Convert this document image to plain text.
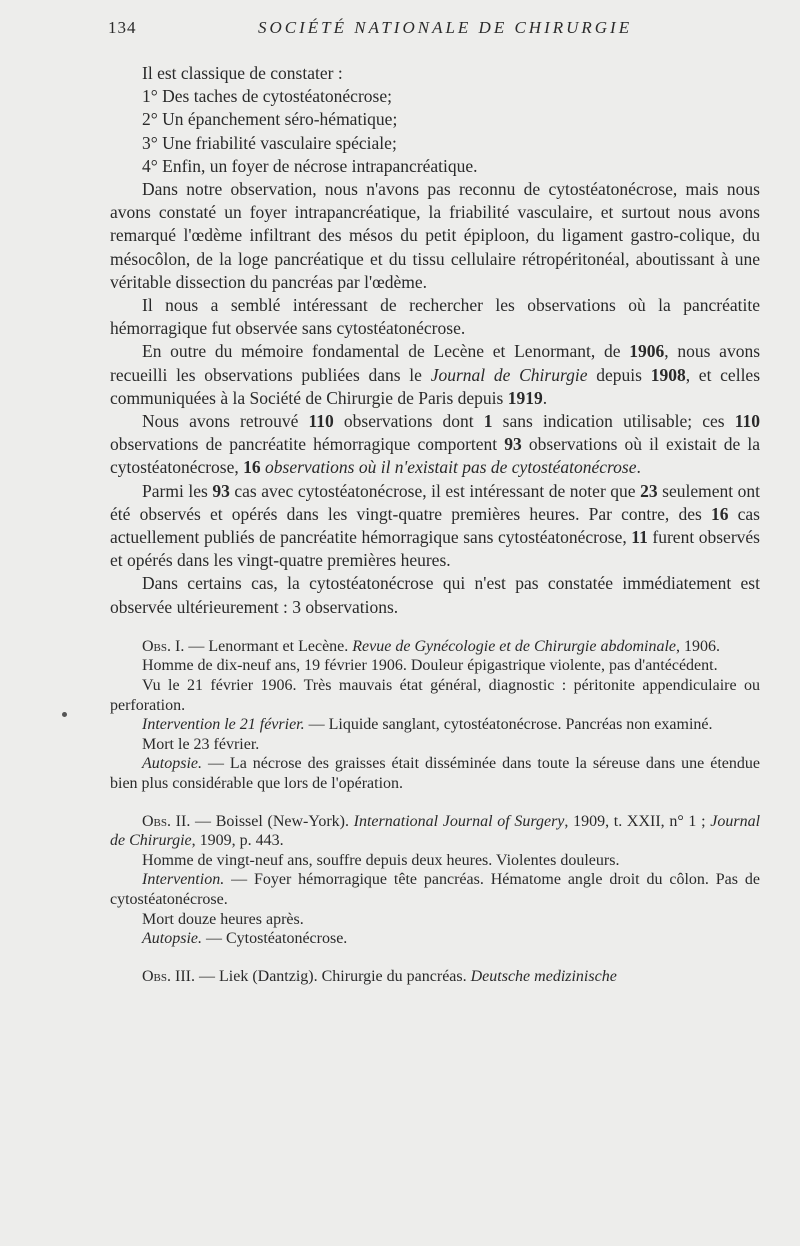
134	SOCIÉTÉ NATIONALE DE CHIRURGIE

Il est classique de constater :

1° Des taches de cytostéatonécrose;

2° Un épanchement séro-hématique;

3° Une friabilité vasculaire spéciale;

4° Enfin, un foyer de nécrose intrapancréatique.

Dans notre observation, nous n'avons pas reconnu de cytostéatonécrose, mais nous avons constaté un foyer intrapancréatique, la friabilité vasculaire, et surtout nous avons remarqué l'œdème infiltrant des mésos du petit épiploon, du ligament gastro-colique, du mésocôlon, de la loge pancréatique et du tissu cellulaire rétropéritonéal, aboutissant à une véritable dissection du pancréas par l'œdème.

Il nous a semblé intéressant de rechercher les observations où la pancréatite hémorragique fut observée sans cytostéatonécrose.

En outre du mémoire fondamental de Lecène et Lenormant, de 1906, nous avons recueilli les observations publiées dans le Journal de Chirurgie depuis 1908, et celles communiquées à la Société de Chirurgie de Paris depuis 1919.

Nous avons retrouvé 110 observations dont 1 sans indication utilisable; ces 110 observations de pancréatite hémorragique comportent 93 observations où il existait de la cytostéatonécrose, 16 observations où il n'existait pas de cytostéatonécrose.

Parmi les 93 cas avec cytostéatonécrose, il est intéressant de noter que 23 seulement ont été observés et opérés dans les vingt-quatre premières heures. Par contre, des 16 cas actuellement publiés de pancréatite hémorragique sans cytostéatonécrose, 11 furent observés et opérés dans les vingt-quatre premières heures.

Dans certains cas, la cytostéatonécrose qui n'est pas constatée immédiatement est observée ultérieurement : 3 observations.

Obs. I. — Lenormant et Lecène. Revue de Gynécologie et de Chirurgie abdominale, 1906.

Homme de dix-neuf ans, 19 février 1906. Douleur épigastrique violente, pas d'antécédent.

Vu le 21 février 1906. Très mauvais état général, diagnostic : péritonite appendiculaire ou perforation.

Intervention le 21 février. — Liquide sanglant, cytostéatonécrose. Pancréas non examiné.

Mort le 23 février.

Autopsie. — La nécrose des graisses était disséminée dans toute la séreuse dans une étendue bien plus considérable que lors de l'opération.

Obs. II. — Boissel (New-York). International Journal of Surgery, 1909, t. XXII, n° 1 ; Journal de Chirurgie, 1909, p. 443.

Homme de vingt-neuf ans, souffre depuis deux heures. Violentes douleurs.

Intervention. — Foyer hémorragique tête pancréas. Hématome angle droit du côlon. Pas de cytostéatonécrose.

Mort douze heures après.

Autopsie. — Cytostéatonécrose.

Obs. III. — Liek (Dantzig). Chirurgie du pancréas. Deutsche medizinische
